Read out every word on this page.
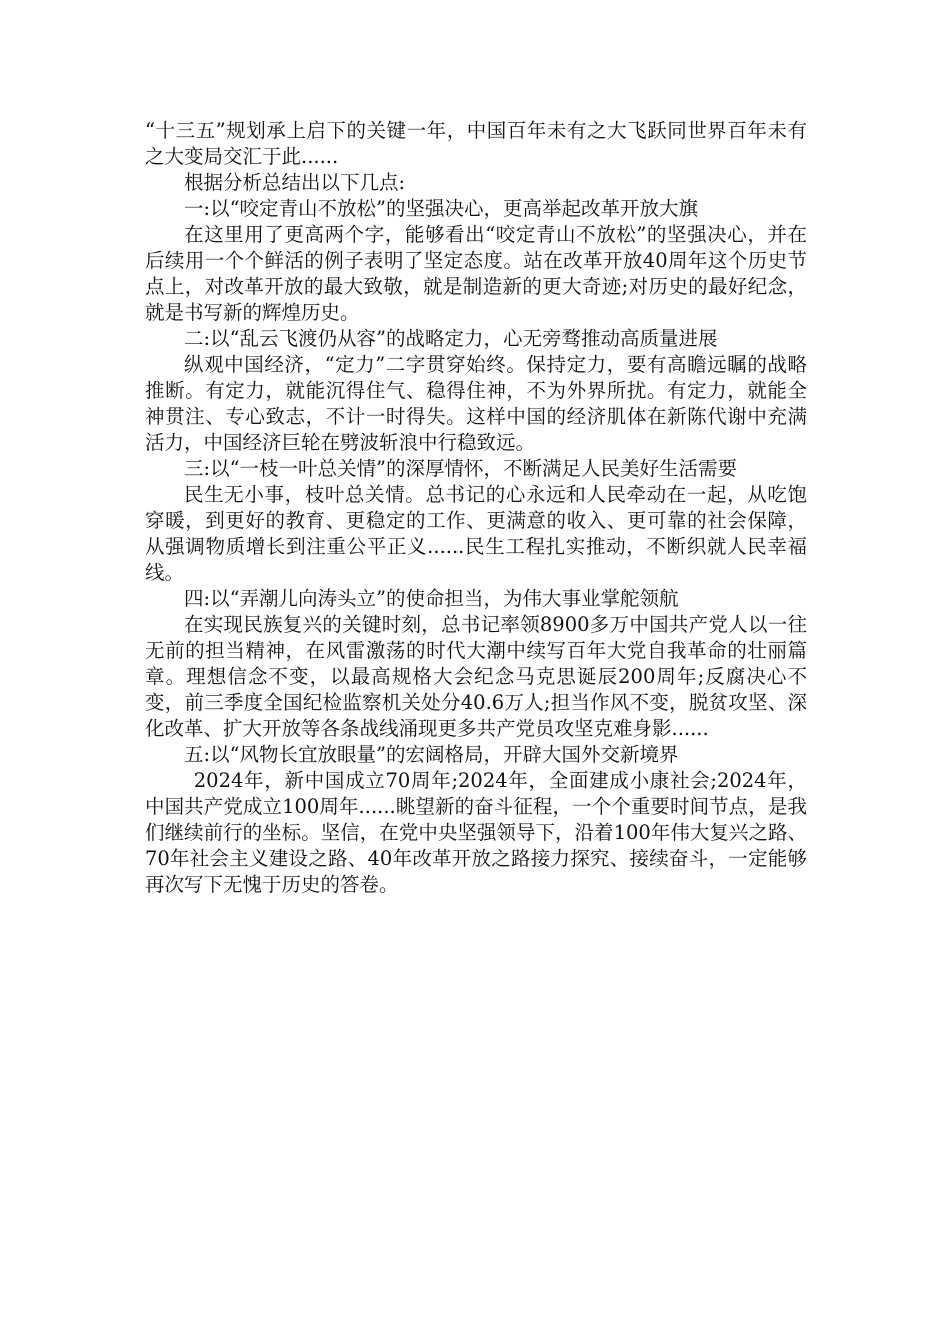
“十三五”规划承上启下的关键一年，中国百年未有之大飞跃同世界百年未有之大变局交汇于此......

根据分析总结出以下几点:

一:以“咬定青山不放松”的坚强决心，更高举起改革开放大旗

在这里用了更高两个字，能够看出“咬定青山不放松”的坚强决心，并在后续用一个个鲜活的例子表明了坚定态度。站在改革开放40周年这个历史节点上，对改革开放的最大致敬，就是制造新的更大奇迹;对历史的最好纪念，就是书写新的辉煌历史。

二:以“乱云飞渡仍从容”的战略定力，心无旁骛推动高质量进展

纵观中国经济，“定力”二字贯穿始终。保持定力，要有高瞻远瞩的战略推断。有定力，就能沉得住气、稳得住神，不为外界所扰。有定力，就能全神贯注、专心致志，不计一时得失。这样中国的经济肌体在新陈代谢中充满活力，中国经济巨轮在劈波斩浪中行稳致远。

三:以“一枝一叶总关情”的深厚情怀，不断满足人民美好生活需要

民生无小事，枝叶总关情。总书记的心永远和人民牵动在一起，从吃饱穿暖，到更好的教育、更稳定的工作、更满意的收入、更可靠的社会保障，从强调物质增长到注重公平正义......民生工程扎实推动，不断织就人民幸福线。

四:以“弄潮儿向涛头立”的使命担当，为伟大事业掌舵领航

在实现民族复兴的关键时刻，总书记率领8900多万中国共产党人以一往无前的担当精神，在风雷激荡的时代大潮中续写百年大党自我革命的壮丽篇章。理想信念不变，以最高规格大会纪念马克思诞辰200周年;反腐决心不变，前三季度全国纪检监察机关处分40.6万人;担当作风不变，脱贫攻坚、深化改革、扩大开放等各条战线涌现更多共产党员攻坚克难身影......

五:以“风物长宜放眼量”的宏阔格局，开辟大国外交新境界

2024年，新中国成立70周年;2024年，全面建成小康社会;2024年，中国共产党成立100周年......眺望新的奋斗征程，一个个重要时间节点，是我们继续前行的坐标。坚信，在党中央坚强领导下，沿着100年伟大复兴之路、70年社会主义建设之路、40年改革开放之路接力探究、接续奋斗，一定能够再次写下无愧于历史的答卷。
